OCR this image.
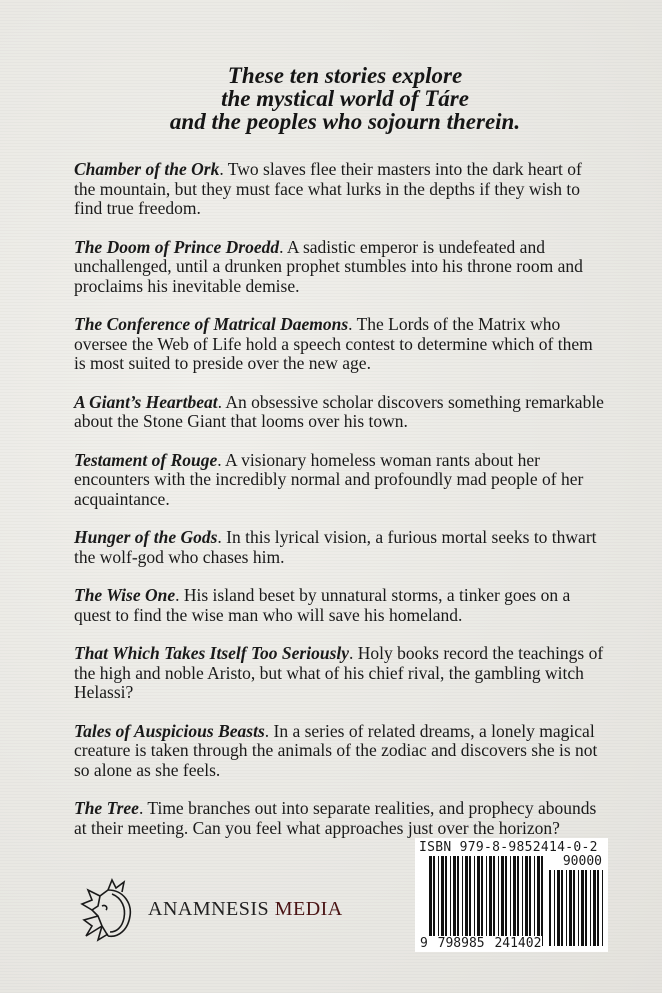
These ten stories explore
the mystical world of Táre
and the peoples who sojourn therein.

Chamber of the Ork. Two slaves flee their masters into the dark heart of the mountain, but they must face what lurks in the depths if they wish to find true freedom.

The Doom of Prince Droedd. A sadistic emperor is undefeated and unchallenged, until a drunken prophet stumbles into his throne room and proclaims his inevitable demise.

The Conference of Matrical Daemons. The Lords of the Matrix who oversee the Web of Life hold a speech contest to determine which of them is most suited to preside over the new age.

A Giant’s Heartbeat. An obsessive scholar discovers something remarkable about the Stone Giant that looms over his town.

Testament of Rouge. A visionary homeless woman rants about her encounters with the incredibly normal and profoundly mad people of her acquaintance.

Hunger of the Gods. In this lyrical vision, a furious mortal seeks to thwart the wolf-god who chases him.

The Wise One. His island beset by unnatural storms, a tinker goes on a quest to find the wise man who will save his homeland.

That Which Takes Itself Too Seriously. Holy books record the teachings of the high and noble Aristo, but what of his chief rival, the gambling witch Helassi?

Tales of Auspicious Beasts. In a series of related dreams, a lonely magical creature is taken through the animals of the zodiac and discovers she is not so alone as she feels.

The Tree. Time branches out into separate realities, and prophecy abounds at their meeting. Can you feel what approaches just over the horizon?

ANAMNESIS MEDIA
ISBN 979-8-9852414-0-2
90000
9 798985 241402
